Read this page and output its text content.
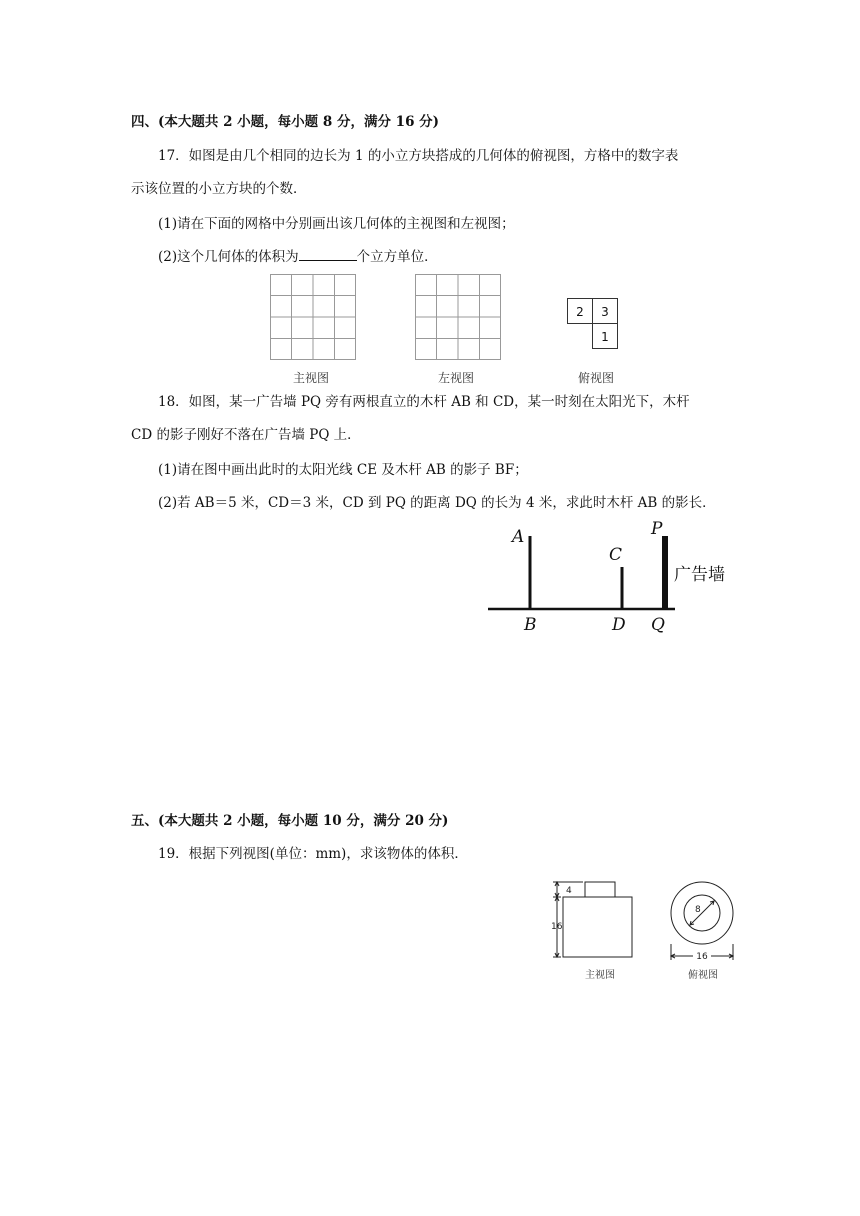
四、(本大题共 2 小题，每小题 8 分，满分 16 分)
17．如图是由几个相同的边长为 1 的小立方块搭成的几何体的俯视图，方格中的数字表
示该位置的小立方块的个数．
(1)请在下面的网格中分别画出该几何体的主视图和左视图；
(2)这个几何体的体积为	个立方单位．
主视图	左视图
2 3
1
俯视图
18．如图，某一广告墙 PQ 旁有两根直立的木杆 AB 和 CD，某一时刻在太阳光下，木杆
CD 的影子刚好不落在广告墙 PQ 上．
(1)请在图中画出此时的太阳光线 CE 及木杆 AB 的影子 BF；
(2)若 AB＝5 米，CD＝3 米，CD 到 PQ 的距离 DQ 的长为 4 米，求此时木杆 AB 的影长．
A
B
C
D
P
Q
广告墙
五、(本大题共 2 小题，每小题 10 分，满分 20 分)
19．根据下列视图(单位：mm)，求该物体的体积．
4
16
主视图
8
16
俯视图
